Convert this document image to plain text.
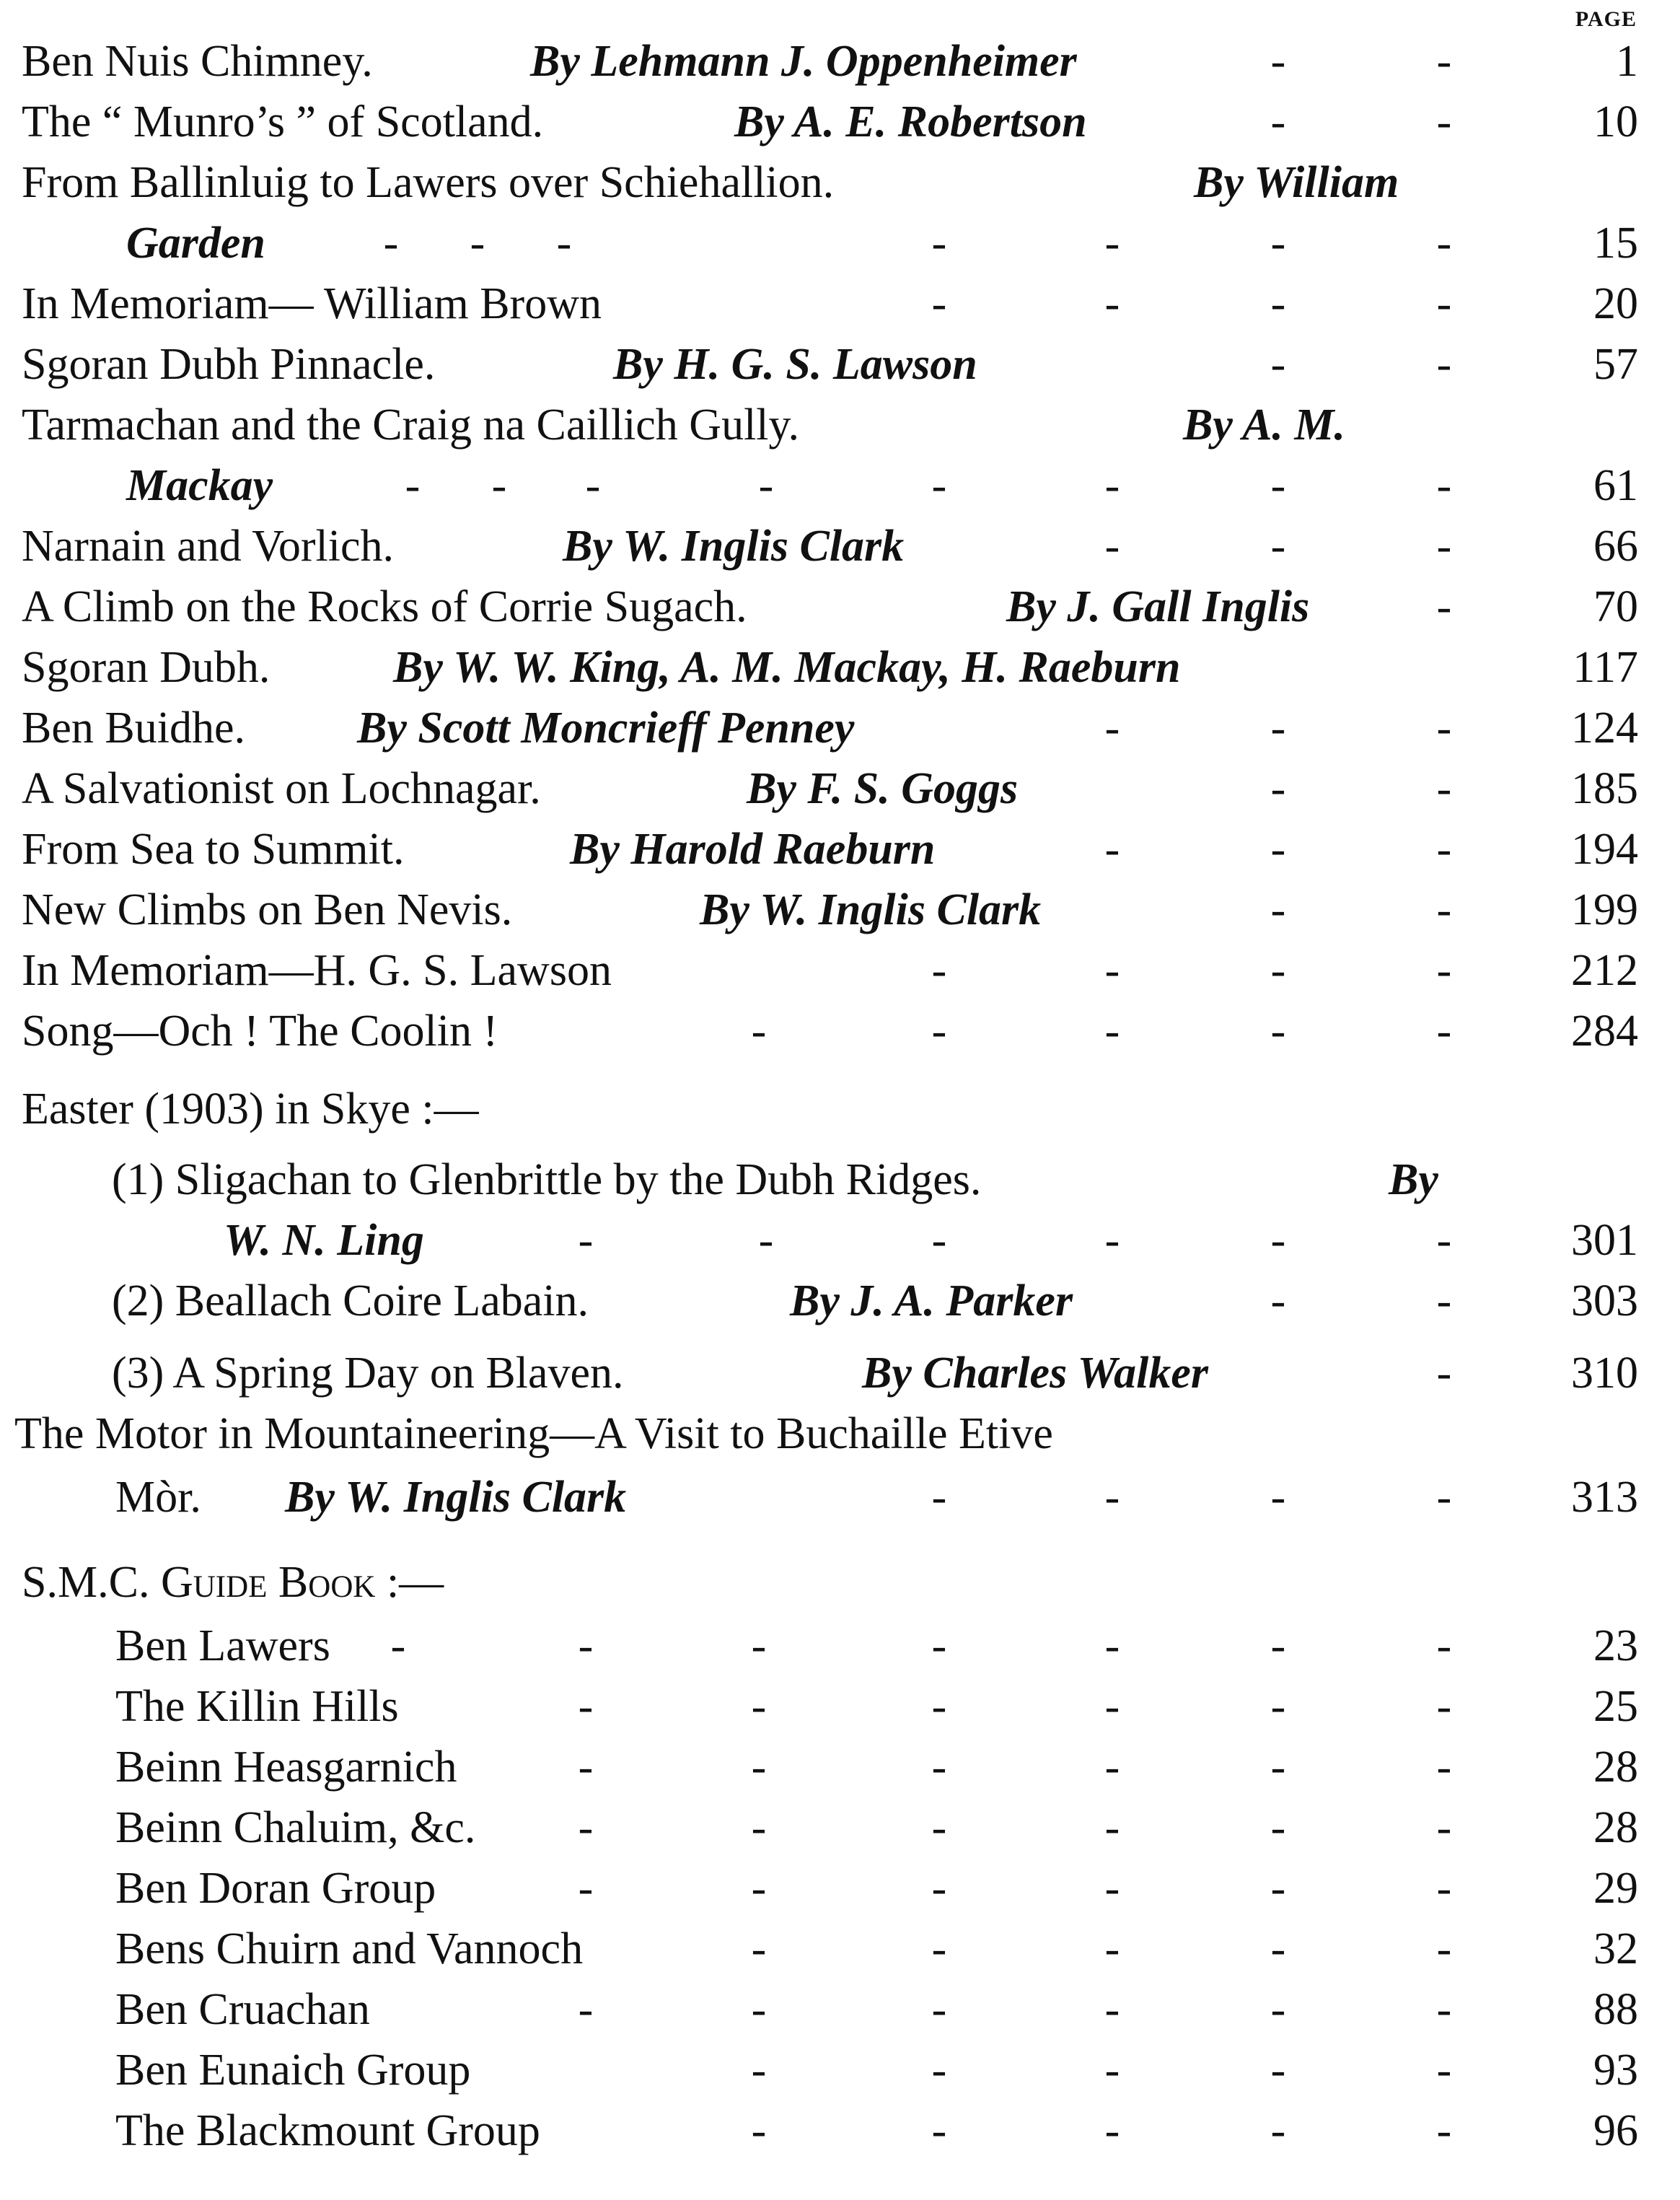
PAGE
Ben Nuis Chimney.	By Lehmann J. Oppenheimer	-	-	1
The “ Munro’s ” of Scotland.	By A. E. Robertson	-	-	10
From Ballinluig to Lawers over Schiehallion.	By William
Garden	- - -	-	-	-	-	15
In Memoriam— William Brown	-	-	-	-	20
Sgoran Dubh Pinnacle.	By H. G. S. Lawson	-	-	57
Tarmachan and the Craig na Caillich Gully.	By A. M.
Mackay	- - -	-	-	-	-	-	61
Narnain and Vorlich.	By W. Inglis Clark	-	-	-	66
A Climb on the Rocks of Corrie Sugach.	By J. Gall Inglis	-	70
Sgoran Dubh.	By W. W. King, A. M. Mackay, H. Raeburn	117
Ben Buidhe.	By Scott Moncrieff Penney	-	-	-	124
A Salvationist on Lochnagar.	By F. S. Goggs	-	-	185
From Sea to Summit.	By Harold Raeburn	-	-	-	194
New Climbs on Ben Nevis.	By W. Inglis Clark	-	-	199
In Memoriam—H. G. S. Lawson	-	-	-	-	212
Song—Och ! The Coolin !	-	-	-	-	-	284
Easter (1903) in Skye :—
(1) Sligachan to Glenbrittle by the Dubh Ridges.	By
W. N. Ling	-	-	-	-	-	-	301
(2) Beallach Coire Labain.	By J. A. Parker	-	-	303
(3) A Spring Day on Blaven.	By Charles Walker	-	310
The Motor in Mountaineering—A Visit to Buchaille Etive
Mòr. By W. Inglis Clark	-	-	-	-	313
S.M.C. Guide Book :—
Ben Lawers -	-	-	-	-	-	-	23
The Killin Hills	-	-	-	-	-	-	25
Beinn Heasgarnich	-	-	-	-	-	-	28
Beinn Chaluim, &c. -	-	-	-	-	-	28
Ben Doran Group	-	-	-	-	-	-	29
Bens Chuirn and Vannoch	-	-	-	-	-	32
Ben Cruachan	-	-	-	-	-	-	88
Ben Eunaich Group	-	-	-	-	-	93
The Blackmount Group	-	-	-	-	-	96
